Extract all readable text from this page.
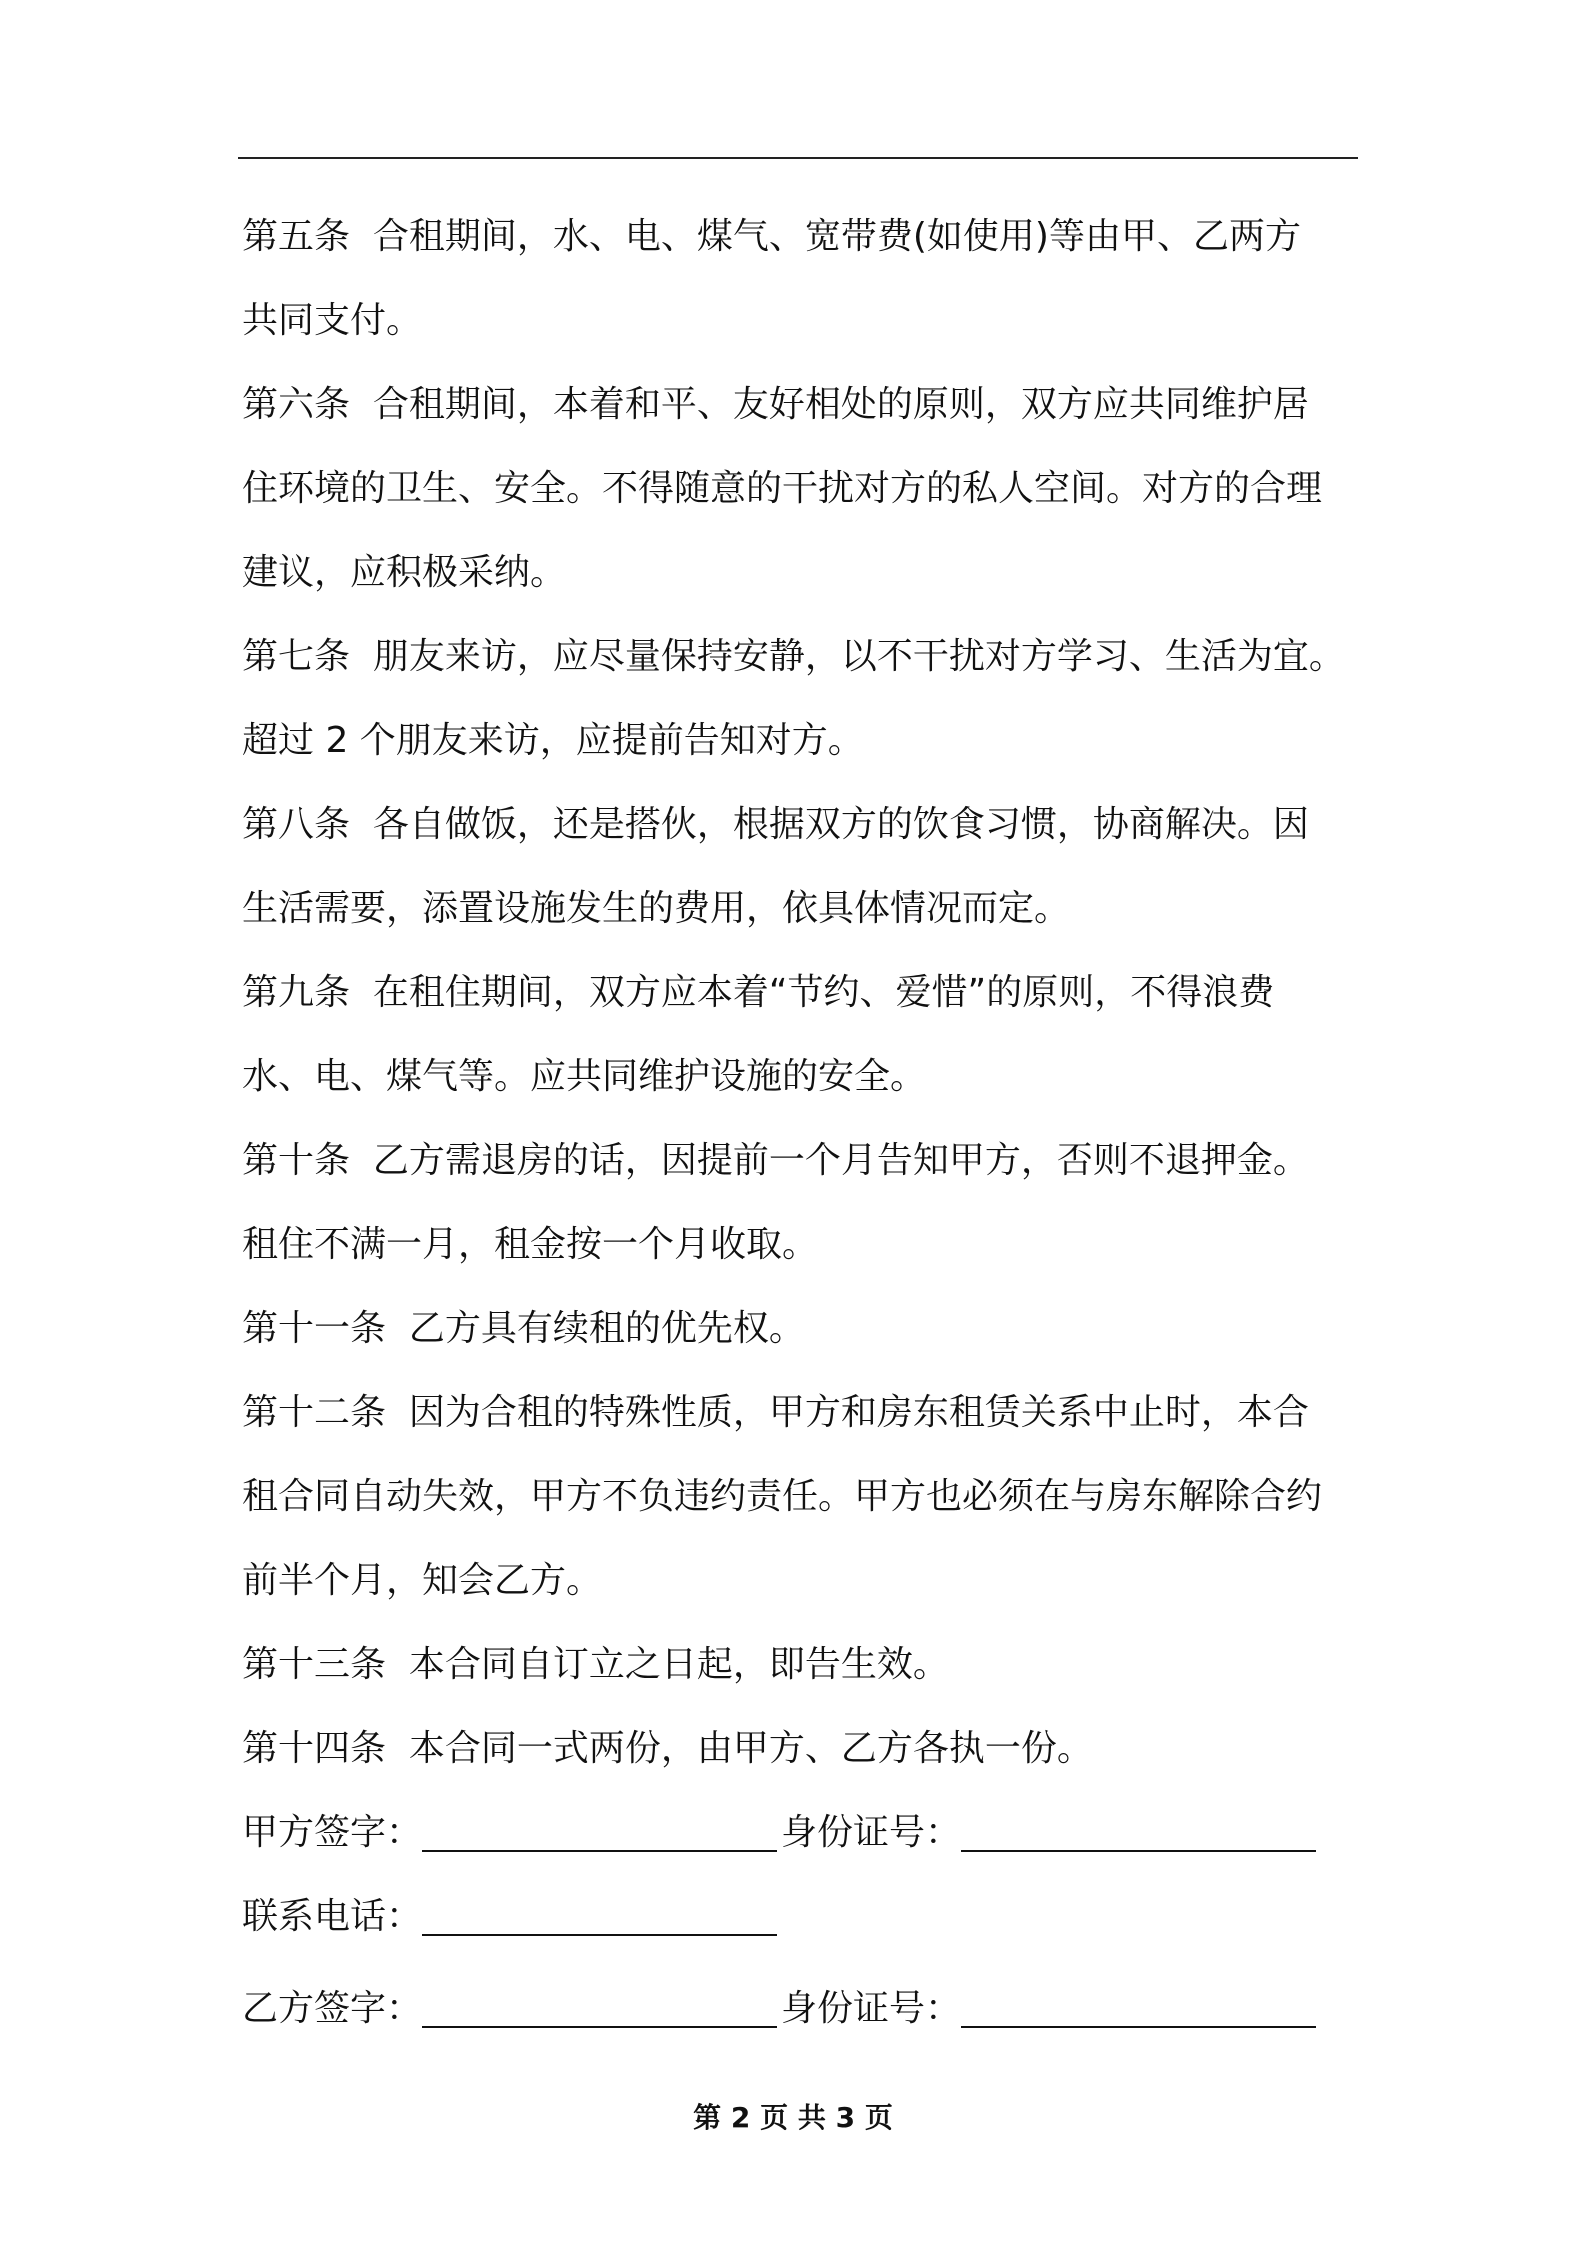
第五条  合租期间，水、电、煤气、宽带费(如使用)等由甲、乙两方
共同支付。
第六条  合租期间，本着和平、友好相处的原则，双方应共同维护居
住环境的卫生、安全。不得随意的干扰对方的私人空间。对方的合理
建议，应积极采纳。
第七条  朋友来访，应尽量保持安静，以不干扰对方学习、生活为宜。
超过 2 个朋友来访，应提前告知对方。
第八条  各自做饭，还是搭伙，根据双方的饮食习惯，协商解决。因
生活需要，添置设施发生的费用，依具体情况而定。
第九条  在租住期间，双方应本着“节约、爱惜”的原则，不得浪费
水、电、煤气等。应共同维护设施的安全。
第十条  乙方需退房的话，因提前一个月告知甲方，否则不退押金。
租住不满一月，租金按一个月收取。
第十一条  乙方具有续租的优先权。
第十二条  因为合租的特殊性质，甲方和房东租赁关系中止时，本合
租合同自动失效，甲方不负违约责任。甲方也必须在与房东解除合约
前半个月，知会乙方。
第十三条  本合同自订立之日起，即告生效。
第十四条  本合同一式两份，由甲方、乙方各执一份。
甲方签字：	身份证号：
联系电话：
乙方签字：	身份证号：
第 2 页 共 3 页
